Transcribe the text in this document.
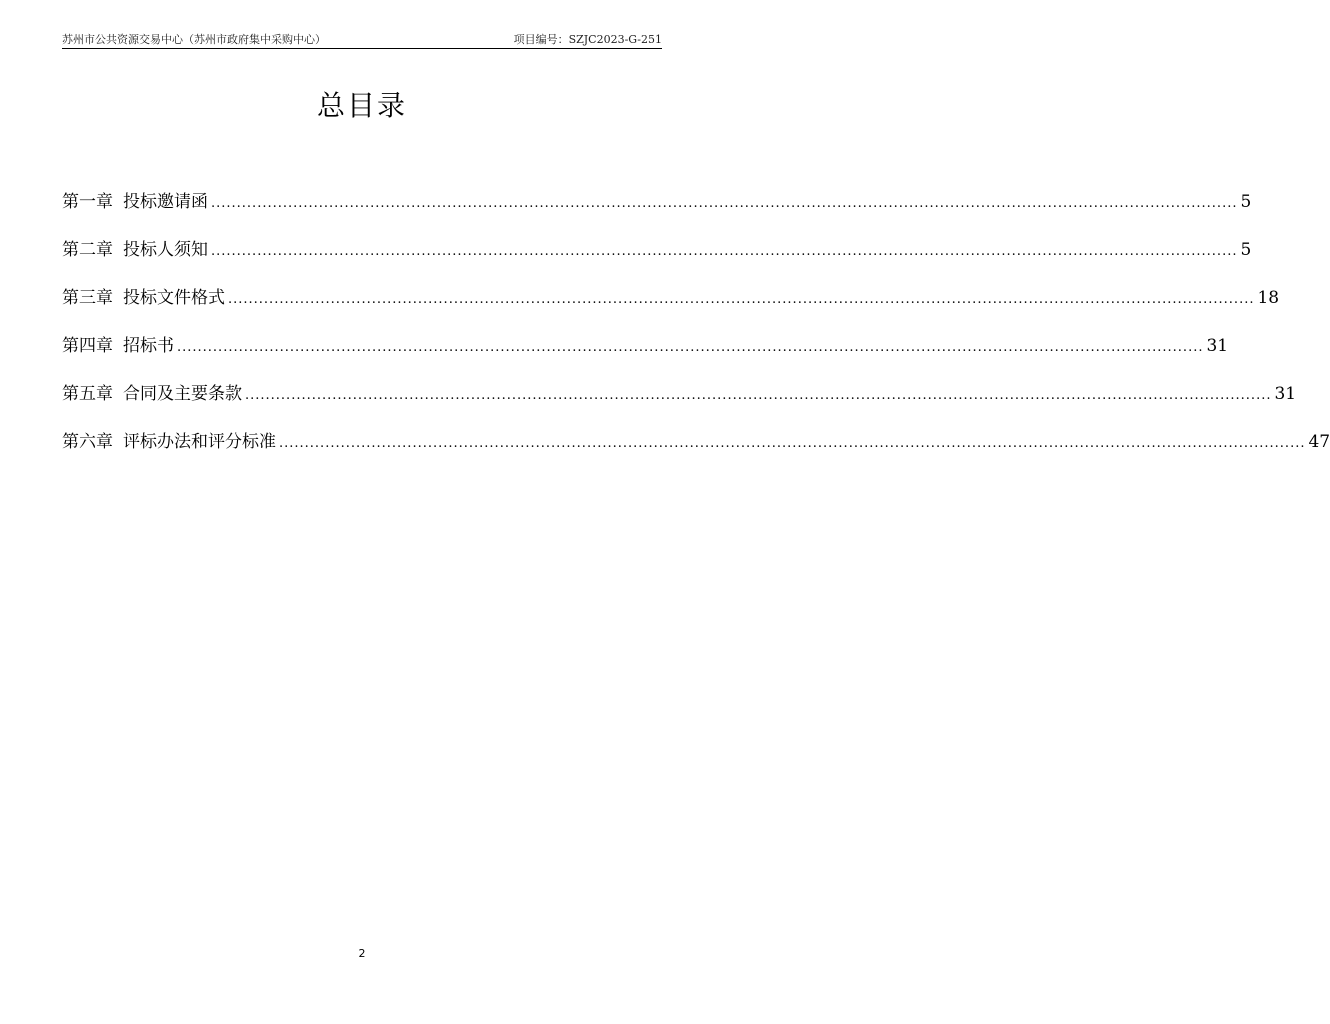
苏州市公共资源交易中心（苏州市政府集中采购中心）	项目编号：SZJC2023-G-251
总目录
第一章 投标邀请函 ........................................................................................................................................................................................................ 5
第二章 投标人须知 ........................................................................................................................................................................................................ 5
第三章 投标文件格式 ........................................................................................................................................................................................................ 18
第四章 招标书 ........................................................................................................................................................................................................ 31
第五章 合同及主要条款 ........................................................................................................................................................................................................ 31
第六章 评标办法和评分标准 ........................................................................................................................................................................................................ 47
2
